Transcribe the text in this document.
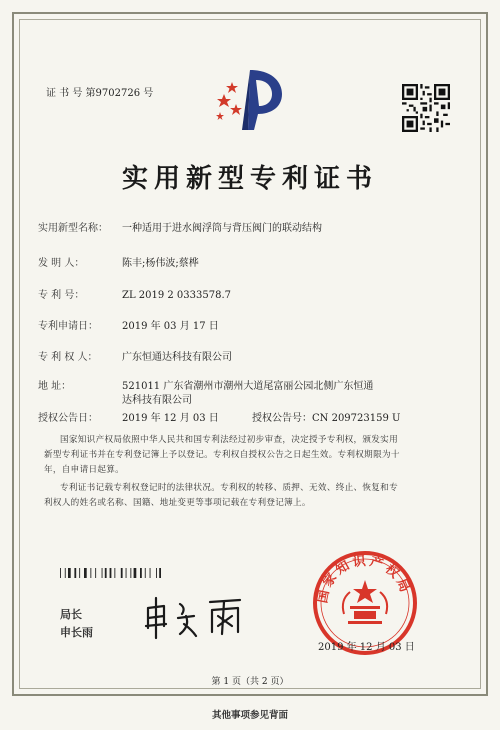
证 书 号 第9702726 号
实用新型专利证书
实用新型名称： 一种适用于进水阀浮筒与背压阀门的联动结构
发 明 人：	陈丰;杨伟波;蔡桦
专 利 号：	ZL 2019 2 0333578.7
专利申请日： 2019 年 03 月 17 日
专 利 权 人： 广东恒通达科技有限公司
地 址：	521011 广东省潮州市潮州大道尾富丽公园北侧广东恒通
达科技有限公司
授权公告日： 2019 年 12 月 03 日	授权公告号：CN 209723159 U
国家知识产权局依照中华人民共和国专利法经过初步审查，决定授予专利权，颁发实用
新型专利证书并在专利登记簿上予以登记。专利权自授权公告之日起生效。专利权期限为十
年，自申请日起算。
专利证书记载专利权登记时的法律状况。专利权的转移、质押、无效、终止、恢复和专
利权人的姓名或名称、国籍、地址变更等事项记载在专利登记簿上。
局长
申长雨
国家知识产权局
2019 年 12 月 03 日
第 1 页（共 2 页）
其他事项参见背面
